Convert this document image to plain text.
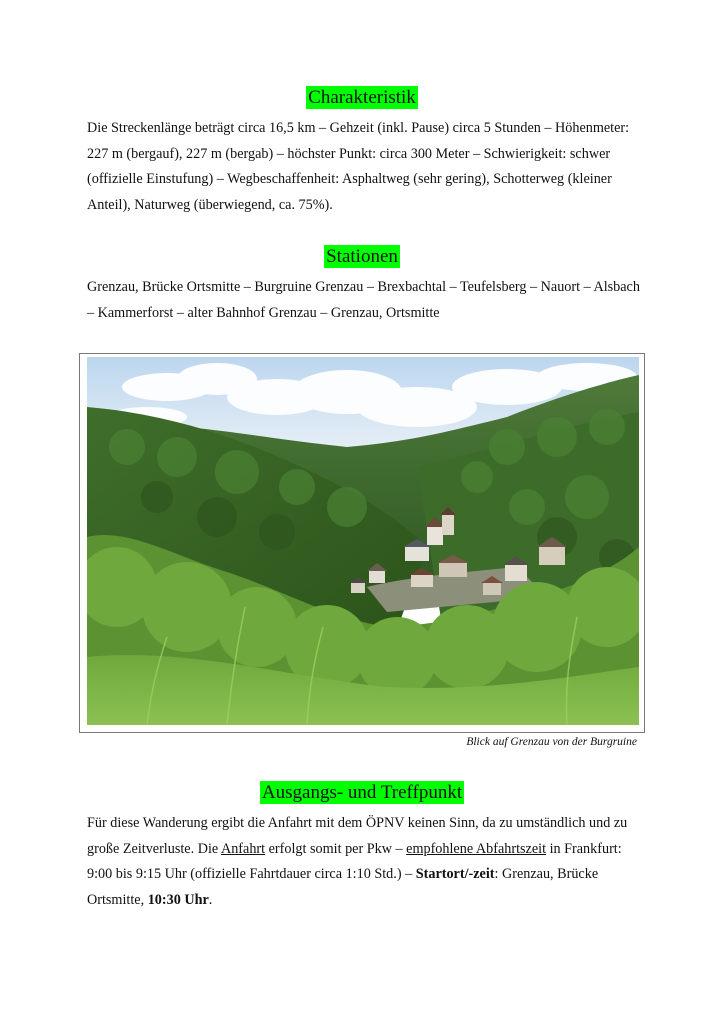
Charakteristik

Die Streckenlänge beträgt circa 16,5 km – Gehzeit (inkl. Pause) circa 5 Stunden – Höhenmeter: 227 m (bergauf), 227 m (bergab) – höchster Punkt: circa 300 Meter – Schwierigkeit: schwer (offizielle Einstufung) – Wegbeschaffenheit: Asphaltweg (sehr gering), Schotterweg (kleiner Anteil), Naturweg (überwiegend, ca. 75%).

Stationen

Grenzau, Brücke Ortsmitte – Burgruine Grenzau – Brexbachtal – Teufelsberg – Nauort – Alsbach – Kammerforst – alter Bahnhof Grenzau – Grenzau, Ortsmitte

Blick auf Grenzau von der Burgruine
Ausgangs- und Treffpunkt

Für diese Wanderung ergibt die Anfahrt mit dem ÖPNV keinen Sinn, da zu umständlich und zu große Zeitverluste. Die Anfahrt erfolgt somit per Pkw – empfohlene Abfahrtszeit in Frankfurt: 9:00 bis 9:15 Uhr (offizielle Fahrtdauer circa 1:10 Std.) – Startort/-zeit: Grenzau, Brücke Ortsmitte, 10:30 Uhr.
